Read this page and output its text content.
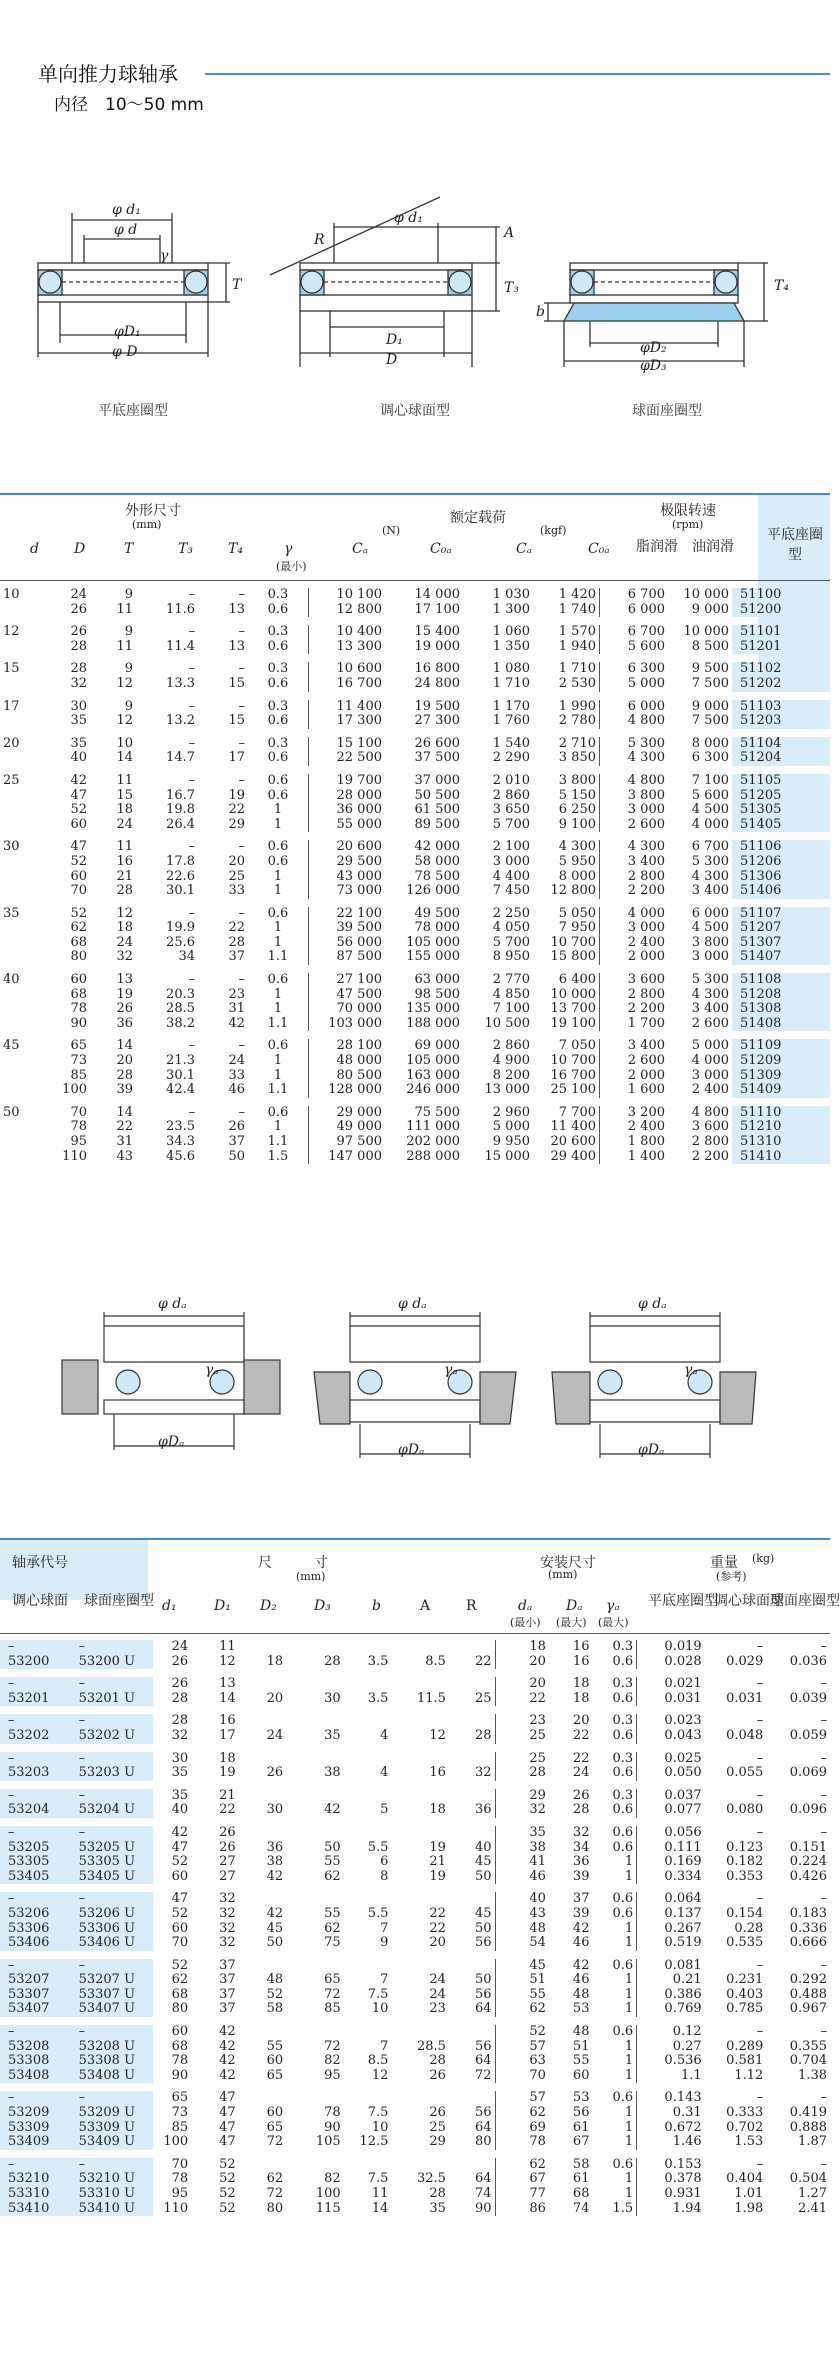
单向推力球轴承
内径　10～50 mm
平底座圈型	调心球面型	球面座圈型
φ d₁
φ d
γ
T
φD₁
φ D
φ d₁
R	A
T₃
D₁
D
T₄
b
φD₂
φD₃
外形尺寸
(mm)	额定载荷
(N)	(kgf)
极限转速
(rpm)
脂润滑 油润滑
平底座圈型
d	D	T	T₃	T₄	γ
(最小)
Cₐ	C₀ₐ	Cₐ	C₀ₐ
10	24	9	–	–	0.3	10 100	14 000	1 030	1 420	6 700	10 000	51100
	26	11	11.6	13	0.6	12 800	17 100	1 300	1 740	6 000	9 000	51200

12	26	9	–	–	0.3	10 400	15 400	1 060	1 570	6 700	10 000	51101
	28	11	11.4	13	0.6	13 300	19 000	1 350	1 940	5 600	8 500	51201

15	28	9	–	–	0.3	10 600	16 800	1 080	1 710	6 300	9 500	51102
	32	12	13.3	15	0.6	16 700	24 800	1 710	2 530	5 000	7 500	51202

17	30	9	–	–	0.3	11 400	19 500	1 170	1 990	6 000	9 000	51103
	35	12	13.2	15	0.6	17 300	27 300	1 760	2 780	4 800	7 500	51203

20	35	10	–	–	0.3	15 100	26 600	1 540	2 710	5 300	8 000	51104
	40	14	14.7	17	0.6	22 500	37 500	2 290	3 850	4 300	6 300	51204

25	42	11	–	–	0.6	19 700	37 000	2 010	3 800	4 800	7 100	51105
	47	15	16.7	19	0.6	28 000	50 500	2 860	5 150	3 800	5 600	51205
	52	18	19.8	22	1	36 000	61 500	3 650	6 250	3 000	4 500	51305
	60	24	26.4	29	1	55 000	89 500	5 700	9 100	2 600	4 000	51405

30	47	11	–	–	0.6	20 600	42 000	2 100	4 300	4 300	6 700	51106
	52	16	17.8	20	0.6	29 500	58 000	3 000	5 950	3 400	5 300	51206
	60	21	22.6	25	1	43 000	78 500	4 400	8 000	2 800	4 300	51306
	70	28	30.1	33	1	73 000	126 000	7 450	12 800	2 200	3 400	51406

35	52	12	–	–	0.6	22 100	49 500	2 250	5 050	4 000	6 000	51107
	62	18	19.9	22	1	39 500	78 000	4 050	7 950	3 000	4 500	51207
	68	24	25.6	28	1	56 000	105 000	5 700	10 700	2 400	3 800	51307
	80	32	34	37	1.1	87 500	155 000	8 950	15 800	2 000	3 000	51407

40	60	13	–	–	0.6	27 100	63 000	2 770	6 400	3 600	5 300	51108
	68	19	20.3	23	1	47 500	98 500	4 850	10 000	2 800	4 300	51208
	78	26	28.5	31	1	70 000	135 000	7 100	13 700	2 200	3 400	51308
	90	36	38.2	42	1.1	103 000	188 000	10 500	19 100	1 700	2 600	51408

45	65	14	–	–	0.6	28 100	69 000	2 860	7 050	3 400	5 000	51109
	73	20	21.3	24	1	48 000	105 000	4 900	10 700	2 600	4 000	51209
	85	28	30.1	33	1	80 500	163 000	8 200	16 700	2 000	3 000	51309
	100	39	42.4	46	1.1	128 000	246 000	13 000	25 100	1 600	2 400	51409

50	70	14	–	–	0.6	29 000	75 500	2 960	7 700	3 200	4 800	51110
	78	22	23.5	26	1	49 000	111 000	5 000	11 400	2 400	3 600	51210
	95	31	34.3	37	1.1	97 500	202 000	9 950	20 600	1 800	2 800	51310
	110	43	45.6	50	1.5	147 000	288 000	15 000	29 400	1 400	2 200	51410

φ dₐ
φDₐ
γₐ
φ dₐ
φDₐ
γₐ
φ dₐ
φDₐ
γₐ
轴承代号
调心球面 球面座圈型
尺　　　寸
(mm)
安装尺寸
(mm)
重量 (kg)
(参考)
平底座圈型
调心球面型
球面座圈型
d₁	D₁ D₂	D₃	b	A	R	dₐ Dₐ γₐ
(最小) (最大) (最大)
–	–	24	11						18	16	0.3	0.019	–	–
53200	53200 U	26	12	18	28	3.5	8.5	22	20	16	0.6	0.028	0.029	0.036

–	–	26	13						20	18	0.3	0.021	–	–
53201	53201 U	28	14	20	30	3.5	11.5	25	22	18	0.6	0.031	0.031	0.039

–	–	28	16						23	20	0.3	0.023	–	–
53202	53202 U	32	17	24	35	4	12	28	25	22	0.6	0.043	0.048	0.059

–	–	30	18						25	22	0.3	0.025	–	–
53203	53203 U	35	19	26	38	4	16	32	28	24	0.6	0.050	0.055	0.069

–	–	35	21						29	26	0.3	0.037	–	–
53204	53204 U	40	22	30	42	5	18	36	32	28	0.6	0.077	0.080	0.096

–	–	42	26						35	32	0.6	0.056	–	–
53205	53205 U	47	26	36	50	5.5	19	40	38	34	0.6	0.111	0.123	0.151
53305	53305 U	52	27	38	55	6	21	45	41	36	1	0.169	0.182	0.224
53405	53405 U	60	27	42	62	8	19	50	46	39	1	0.334	0.353	0.426

–	–	47	32						40	37	0.6	0.064	–	–
53206	53206 U	52	32	42	55	5.5	22	45	43	39	0.6	0.137	0.154	0.183
53306	53306 U	60	32	45	62	7	22	50	48	42	1	0.267	0.28	0.336
53406	53406 U	70	32	50	75	9	20	56	54	46	1	0.519	0.535	0.666

–	–	52	37						45	42	0.6	0.081	–	–
53207	53207 U	62	37	48	65	7	24	50	51	46	1	0.21	0.231	0.292
53307	53307 U	68	37	52	72	7.5	24	56	55	48	1	0.386	0.403	0.488
53407	53407 U	80	37	58	85	10	23	64	62	53	1	0.769	0.785	0.967

–	–	60	42						52	48	0.6	0.12	–	–
53208	53208 U	68	42	55	72	7	28.5	56	57	51	1	0.27	0.289	0.355
53308	53308 U	78	42	60	82	8.5	28	64	63	55	1	0.536	0.581	0.704
53408	53408 U	90	42	65	95	12	26	72	70	60	1	1.1	1.12	1.38

–	–	65	47						57	53	0.6	0.143	–	–
53209	53209 U	73	47	60	78	7.5	26	56	62	56	1	0.31	0.333	0.419
53309	53309 U	85	47	65	90	10	25	64	69	61	1	0.672	0.702	0.888
53409	53409 U	100	47	72	105	12.5	29	80	78	67	1	1.46	1.53	1.87

–	–	70	52						62	58	0.6	0.153	–	–
53210	53210 U	78	52	62	82	7.5	32.5	64	67	61	1	0.378	0.404	0.504
53310	53310 U	95	52	72	100	11	28	74	77	68	1	0.931	1.01	1.27
53410	53410 U	110	52	80	115	14	35	90	86	74	1.5	1.94	1.98	2.41
